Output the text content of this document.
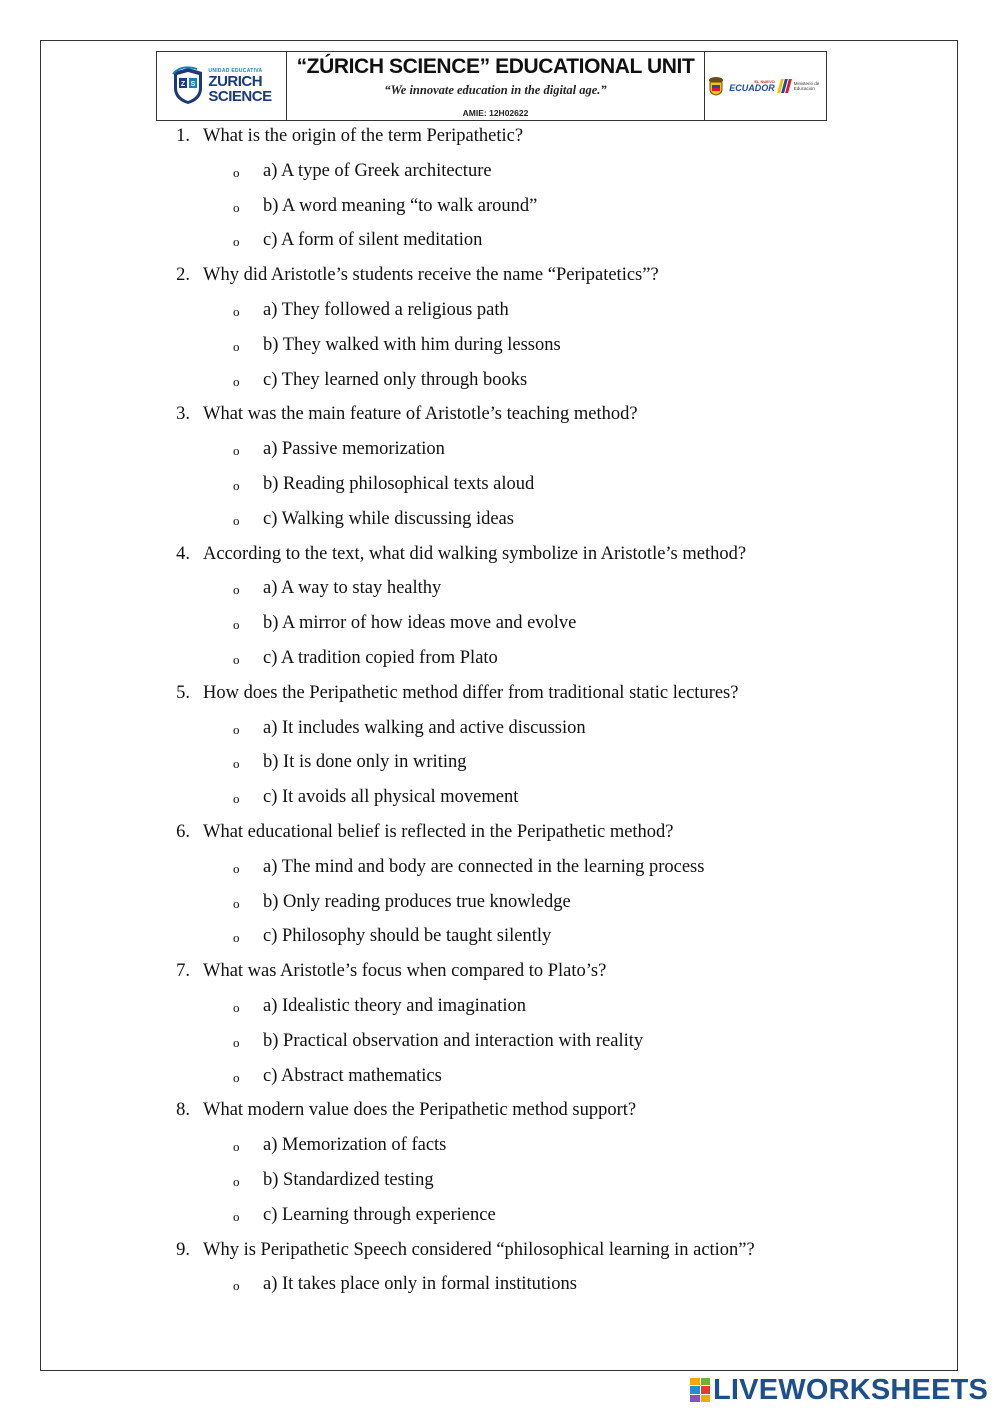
Z S
UNIDAD EDUCATIVA
ZURICH
SCIENCE
“ZÚRICH SCIENCE” EDUCATIONAL UNIT
“We innovate education in the digital age.”
AMIE: 12H02622
EL NUEVO
ECUADOR	Ministerio de Educación
1. What is the origin of the term Peripathetic?
o a) A type of Greek architecture
o b) A word meaning “to walk around”
o c) A form of silent meditation
2. Why did Aristotle’s students receive the name “Peripatetics”?
o a) They followed a religious path
o b) They walked with him during lessons
o c) They learned only through books
3. What was the main feature of Aristotle’s teaching method?
o a) Passive memorization
o b) Reading philosophical texts aloud
o c) Walking while discussing ideas
4. According to the text, what did walking symbolize in Aristotle’s method?
o a) A way to stay healthy
o b) A mirror of how ideas move and evolve
o c) A tradition copied from Plato
5. How does the Peripathetic method differ from traditional static lectures?
o a) It includes walking and active discussion
o b) It is done only in writing
o c) It avoids all physical movement
6. What educational belief is reflected in the Peripathetic method?
o a) The mind and body are connected in the learning process
o b) Only reading produces true knowledge
o c) Philosophy should be taught silently
7. What was Aristotle’s focus when compared to Plato’s?
o a) Idealistic theory and imagination
o b) Practical observation and interaction with reality
o c) Abstract mathematics
8. What modern value does the Peripathetic method support?
o a) Memorization of facts
o b) Standardized testing
o c) Learning through experience
9. Why is Peripathetic Speech considered “philosophical learning in action”?
o a) It takes place only in formal institutions
LIVEWORKSHEETS
